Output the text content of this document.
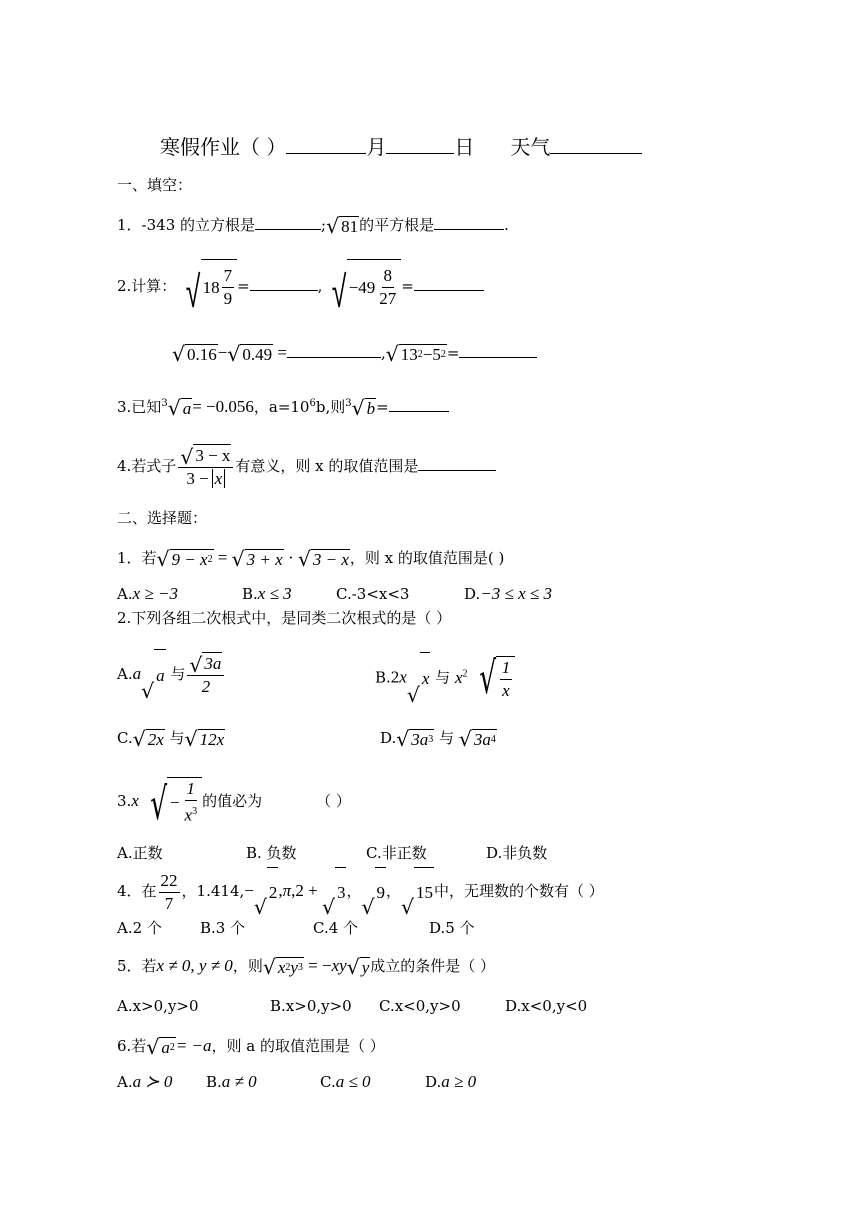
寒假作业（ ）	月	日 天气
一、填空：
1．-343 的立方根是	; √ 81 的平方根是	.
2.计算： √ $18 \frac{7}{9}$ =	, √ $-49 \frac{8}{27}$ =
√ 0.16 − √ 0.49 =	, √ 13 2 − 5 2 =
3.已知$^3$ √ a = −0.056，$a=10^6b$,则$^3$ √ b =
4.若式子 $\frac{√ 3 - x}{3 - x}$ 有意义，则 x 的取值范围是
二、选择题：
1．若 √ 9 − x 2 = √ 3 + x · √ 3 − x ，则 x 的取值范围是( )
A.x ≥ −3	B.x ≤ 3	C.-3<x<3	D.−3 ≤ x ≤ 3
2.下列各组二次根式中，是同类二次根式的是（ ）
A.a
√
a 与 $\frac{√ 3 a}{2}$	B.2x
√
x 与 $x^2$ √ $\frac{1}{x}$
C. √ 2 x 与 √ 12 x	D. √ 3 a 3 与 √ 3 a 4
3.x √ − $\frac{1}{x^3}$ 的值必为	（ ）
A.正数	B. 负数	C.非正数	D.非负数
4．在 $\frac{22}{7}$ ，1.414,−
√
2 ,π,2 +
√
3 ，
√
9 ，
√
15 中，无理数的个数有（ ）
A.2 个	B.3 个	C.4 个	D.5 个
5．若x ≠ 0, y ≠ 0，则 √ x 2 y 3 = −xy √ y 成立的条件是（ ）
A.x>0,y>0	B.x>0,y>0 C.x<0,y>0	D.x<0,y<0
6.若 √ a 2 = −a，则 a 的取值范围是（ ）
A.a ≻ 0 B.a ≠ 0	C.a ≤ 0	D.a ≥ 0
